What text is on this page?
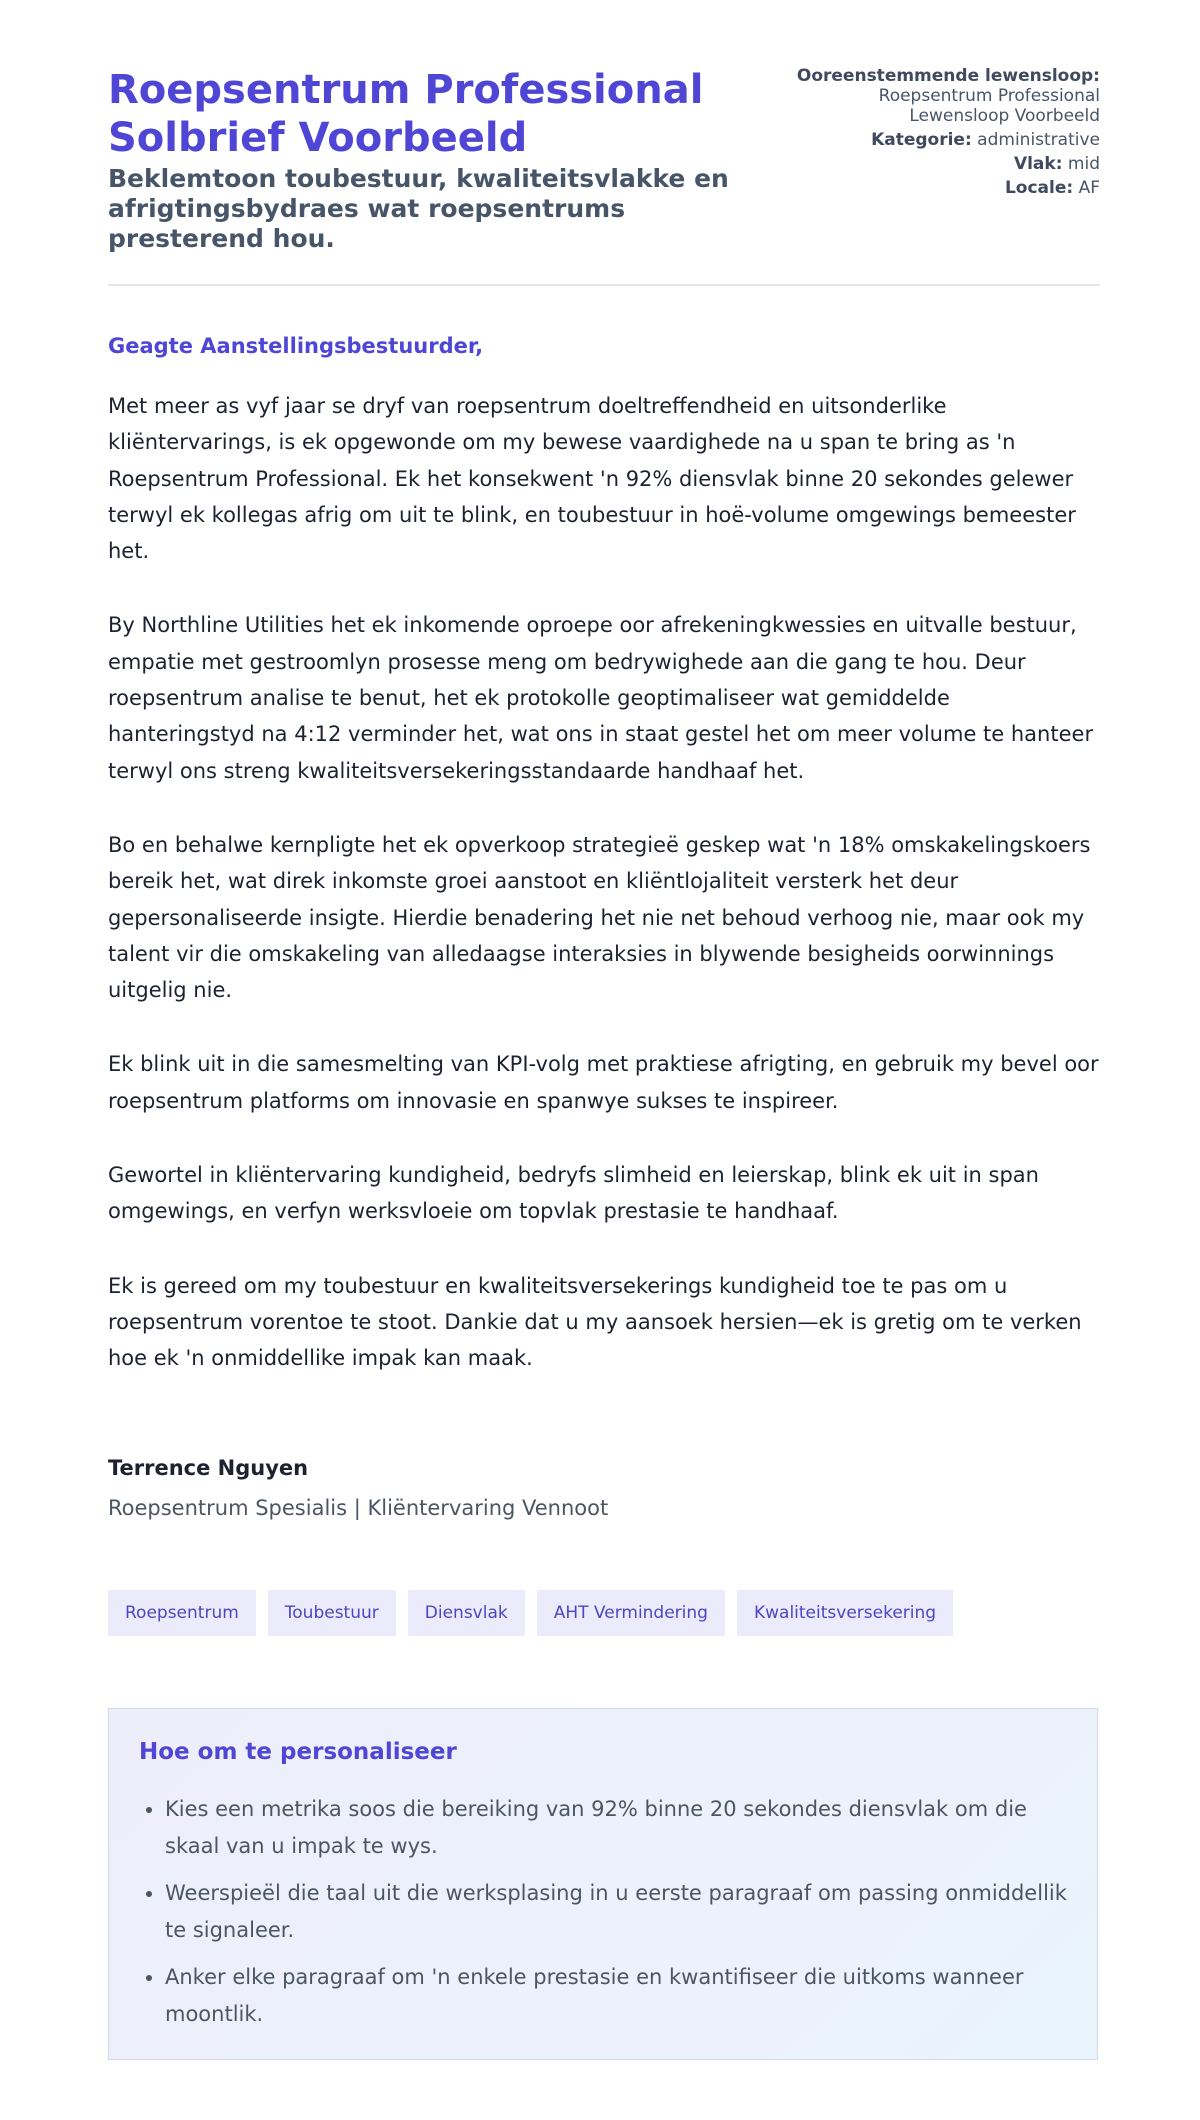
Roepsentrum Professional Solbrief Voorbeeld
Beklemtoon toubestuur, kwaliteitsvlakke en afrigtingsbydraes wat roepsentrums presterend hou.
Ooreenstemmende lewensloop:
Roepsentrum Professional
Lewensloop Voorbeeld
Kategorie: administrative
Vlak: mid
Locale: AF
Geagte Aanstellingsbestuurder,

Met meer as vyf jaar se dryf van roepsentrum doeltreffendheid en uitsonderlike kliëntervarings, is ek opgewonde om my bewese vaardighede na u span te bring as 'n Roepsentrum Professional. Ek het konsekwent 'n 92% diensvlak binne 20 sekondes gelewer terwyl ek kollegas afrig om uit te blink, en toubestuur in hoë-volume omgewings bemeester het.

By Northline Utilities het ek inkomende oproepe oor afrekeningkwessies en uitvalle bestuur, empatie met gestroomlyn prosesse meng om bedrywighede aan die gang te hou. Deur roepsentrum analise te benut, het ek protokolle geoptimaliseer wat gemiddelde hanteringstyd na 4:12 verminder het, wat ons in staat gestel het om meer volume te hanteer terwyl ons streng kwaliteitsversekeringsstandaarde handhaaf het.

Bo en behalwe kernpligte het ek opverkoop strategieë geskep wat 'n 18% omskakelingskoers bereik het, wat direk inkomste groei aanstoot en kliëntlojaliteit versterk het deur gepersonaliseerde insigte. Hierdie benadering het nie net behoud verhoog nie, maar ook my talent vir die omskakeling van alledaagse interaksies in blywende besigheids oorwinnings uitgelig nie.

Ek blink uit in die samesmelting van KPI-volg met praktiese afrigting, en gebruik my bevel oor roepsentrum platforms om innovasie en spanwye sukses te inspireer.

Gewortel in kliëntervaring kundigheid, bedryfs slimheid en leierskap, blink ek uit in span omgewings, en verfyn werksvloeie om topvlak prestasie te handhaaf.

Ek is gereed om my toubestuur en kwaliteitsversekerings kundigheid toe te pas om u roepsentrum vorentoe te stoot. Dankie dat u my aansoek hersien—ek is gretig om te verken hoe ek 'n onmiddellike impak kan maak.

Terrence Nguyen
Roepsentrum Spesialis | Kliëntervaring Vennoot
Roepsentrum	Toubestuur	Diensvlak	AHT Vermindering	Kwaliteitsversekering
Hoe om te personaliseer
• Kies een metrika soos die bereiking van 92% binne 20 sekondes diensvlak om die skaal van u impak te wys.
• Weerspieël die taal uit die werksplasing in u eerste paragraaf om passing onmiddellik te signaleer.
• Anker elke paragraaf om 'n enkele prestasie en kwantifiseer die uitkoms wanneer moontlik.
